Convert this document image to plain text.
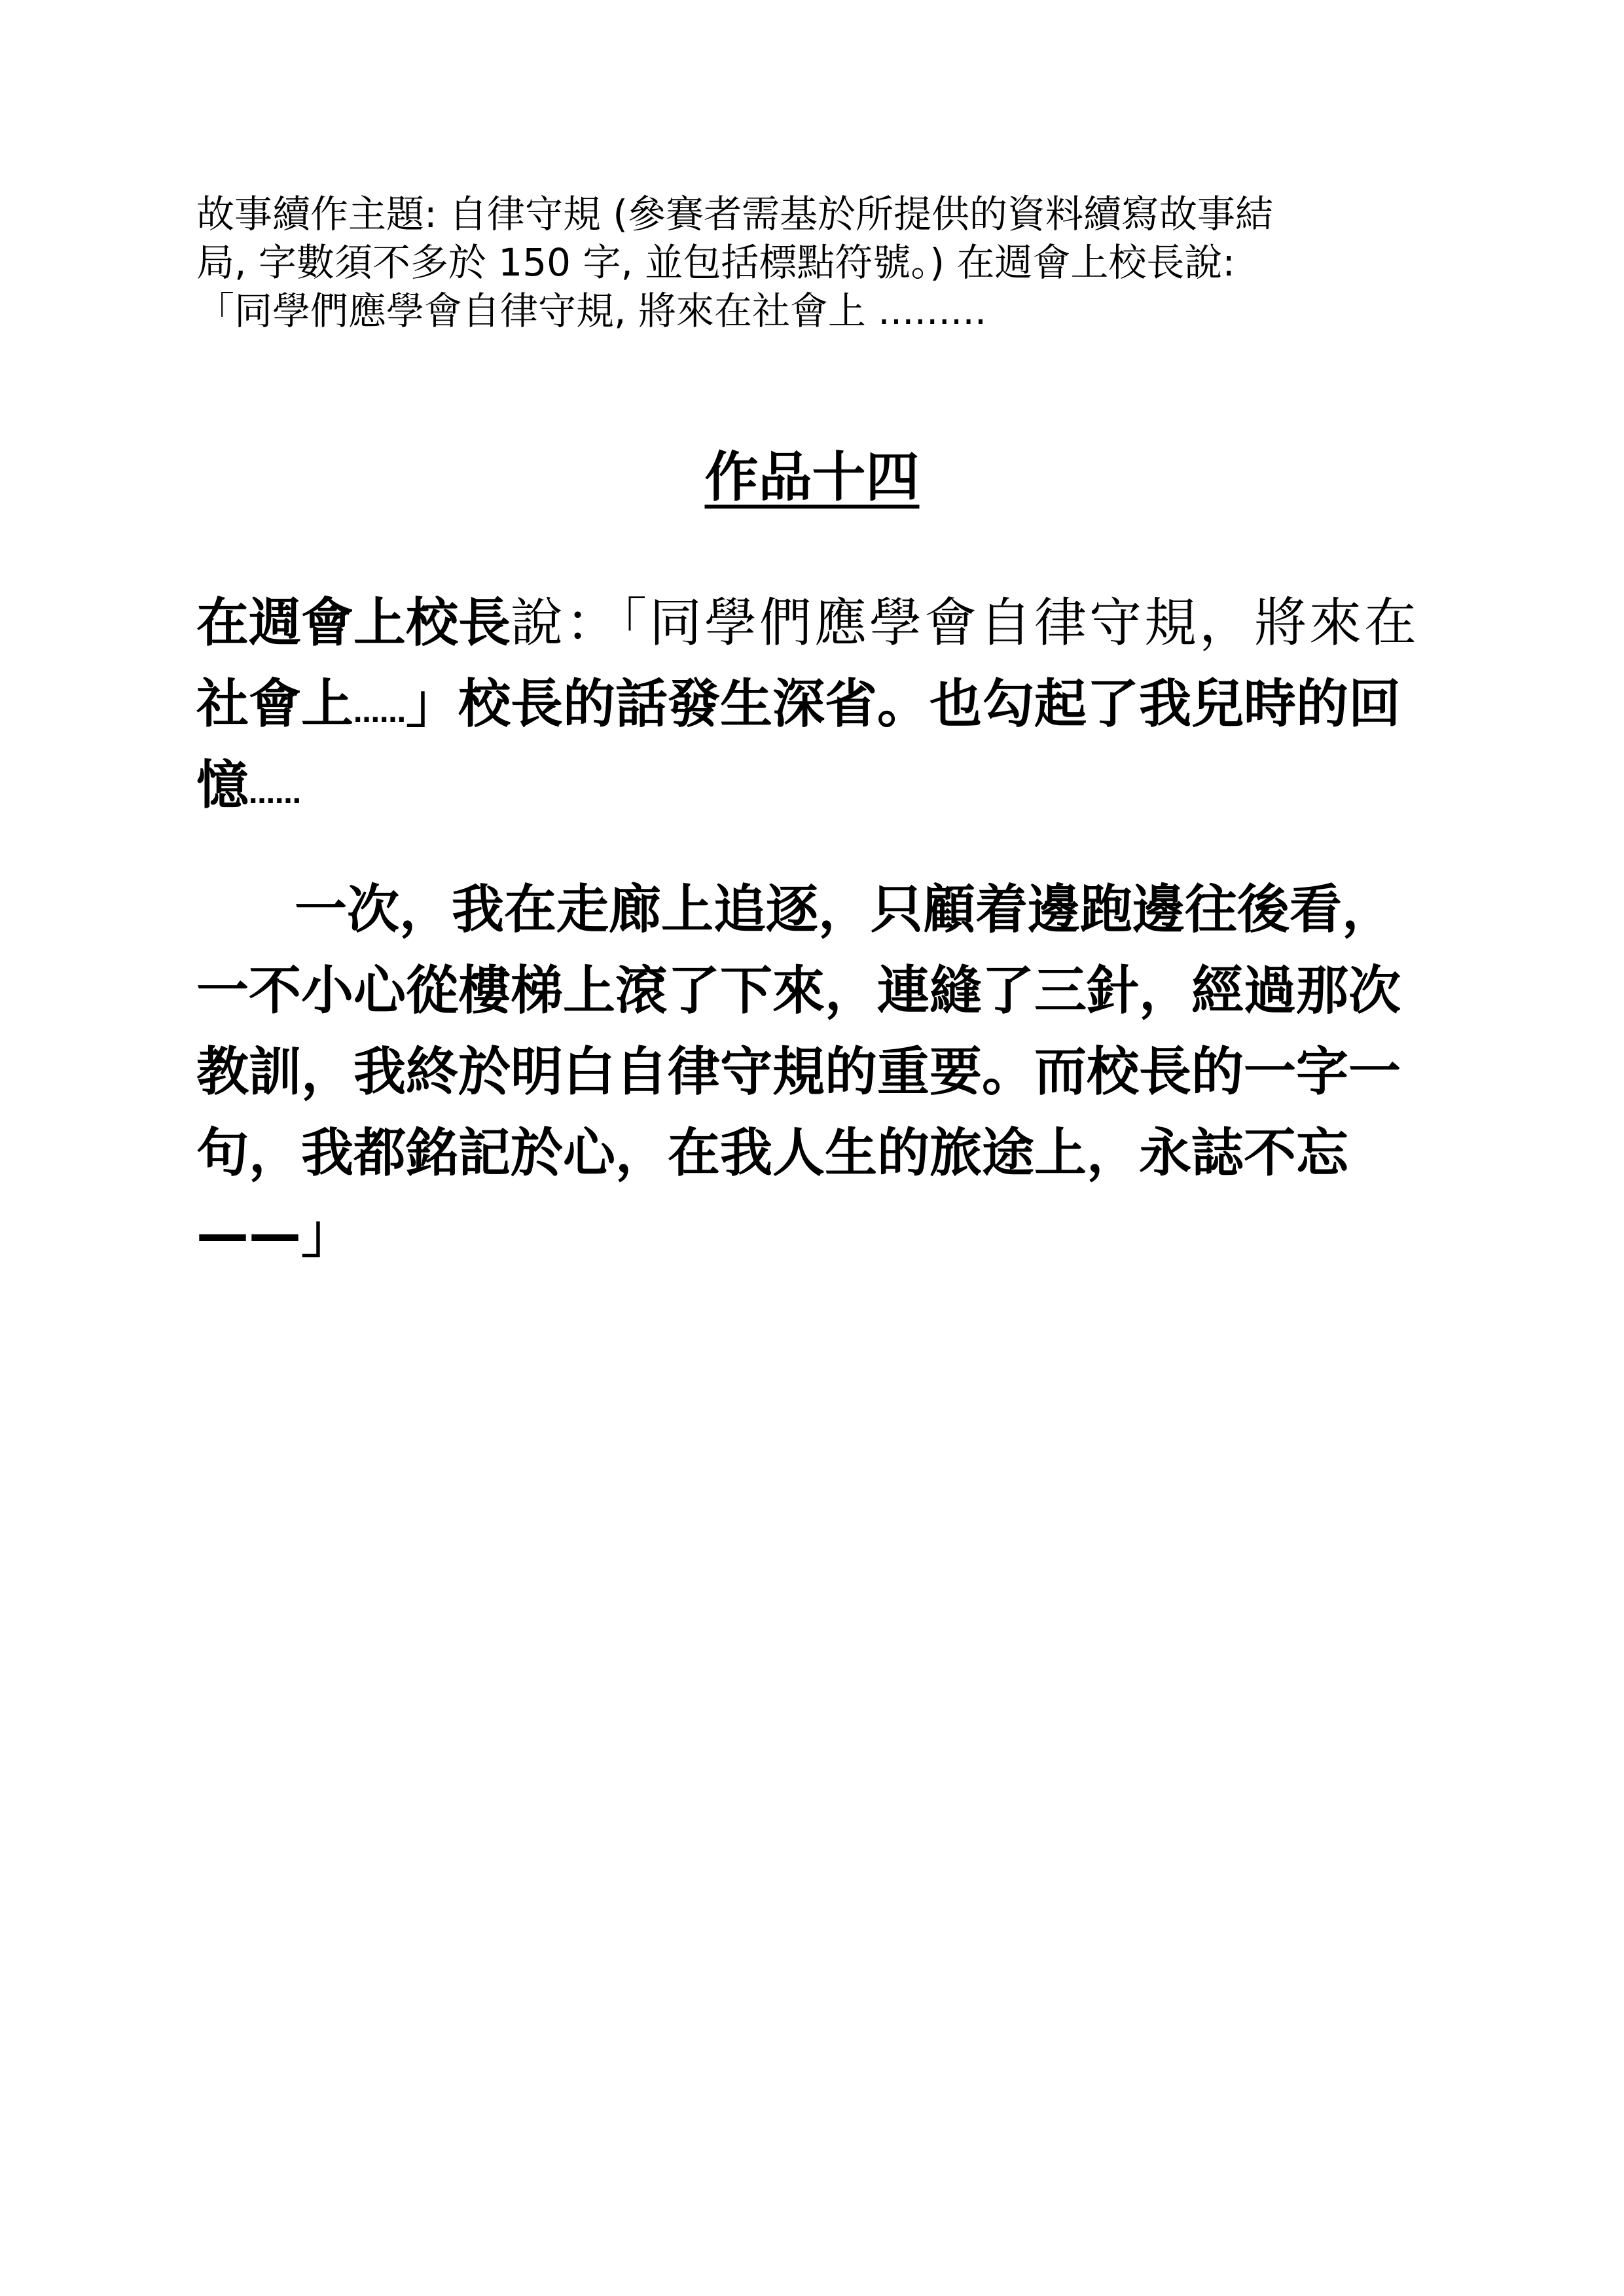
故事續作主題: 自律守規 (參賽者需基於所提供的資料續寫故事結
局, 字數須不多於 150 字, 並包括標點符號。) 在週會上校長說:
「同學們應學會自律守規, 將來在社會上 .........
作品十四
在週會上校長說：「同學們應學會自律守規，將來在
社會上……」校長的話發生深省。也勾起了我兒時的回
憶……
一次，我在走廊上追逐，只顧着邊跑邊往後看，
一不小心從樓梯上滾了下來，連縫了三針，經過那次
教訓，我終於明白自律守規的重要。而校長的一字一
句，我都銘記於心，在我人生的旅途上，永誌不忘
——」
